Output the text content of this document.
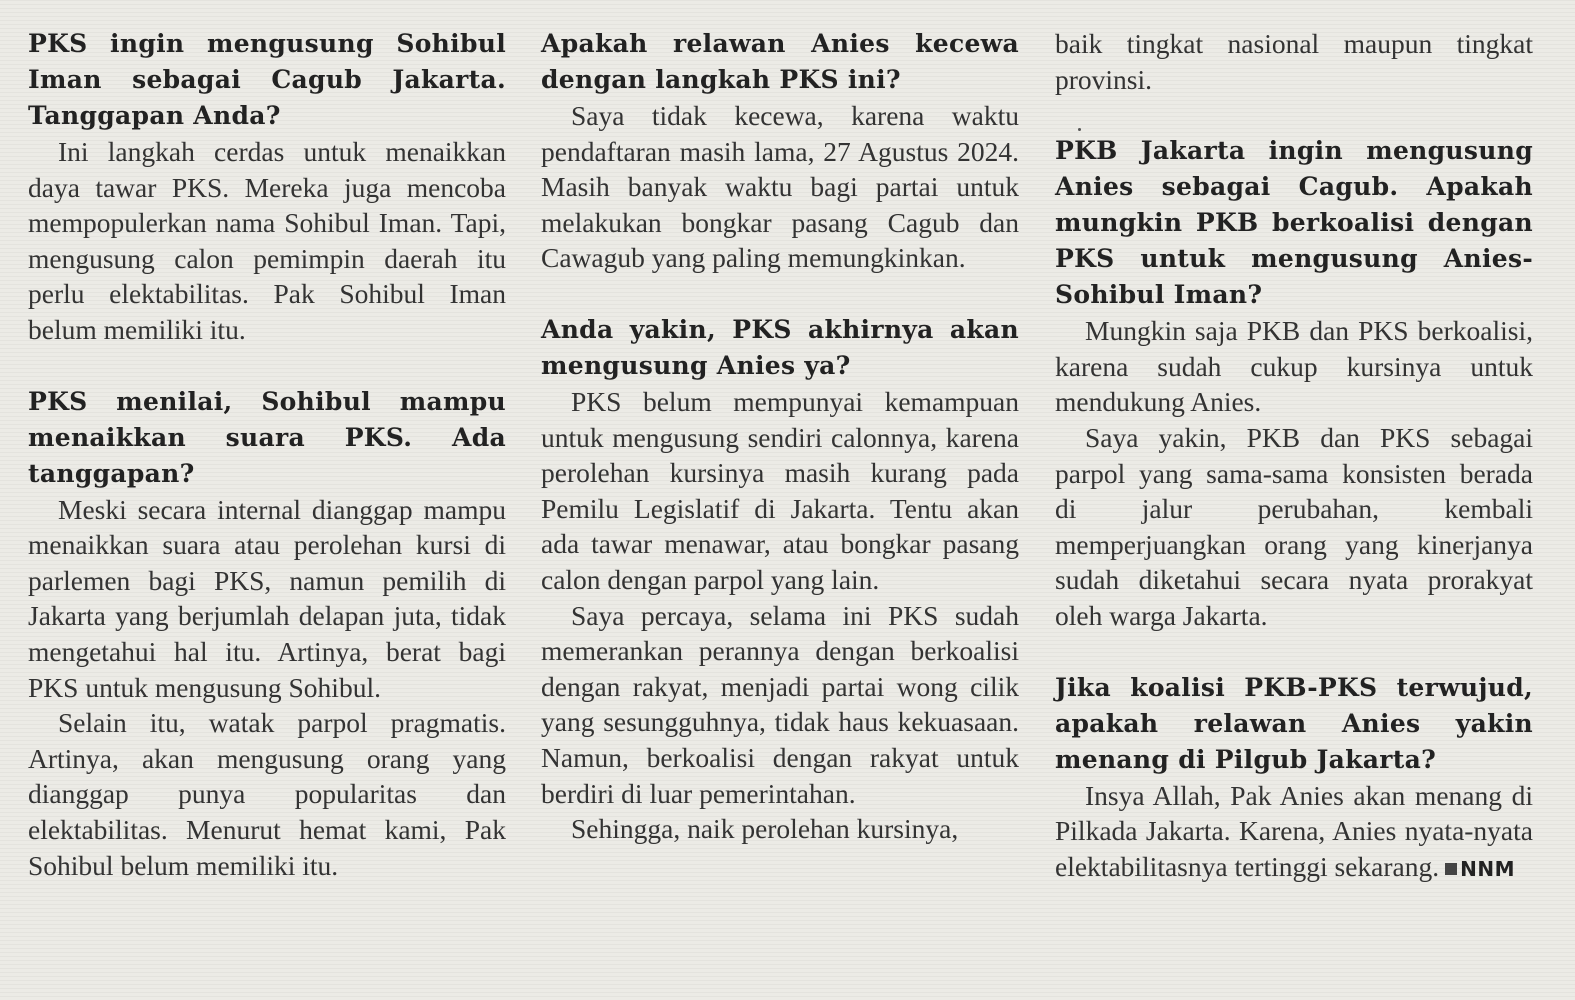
PKS ingin mengusung Sohibul Iman sebagai Cagub Jakarta. Tanggapan Anda?
Ini langkah cerdas untuk menaikkan daya tawar PKS. Mereka juga mencoba mempopulerkan nama Sohibul Iman. Tapi, mengusung calon pemimpin daerah itu perlu elektabilitas. Pak Sohibul Iman belum memiliki itu.
PKS menilai, Sohibul mampu menaikkan suara PKS. Ada tanggapan?
Meski secara internal dianggap mampu menaikkan suara atau perolehan kursi di parlemen bagi PKS, namun pemilih di Jakarta yang berjumlah delapan juta, tidak mengetahui hal itu. Artinya, berat bagi PKS untuk mengusung Sohibul.
Selain itu, watak parpol pragmatis. Artinya, akan mengusung orang yang dianggap punya popularitas dan elektabilitas. Menurut hemat kami, Pak Sohibul belum memiliki itu.
Apakah relawan Anies kecewa dengan langkah PKS ini?
Saya tidak kecewa, karena waktu pendaftaran masih lama, 27 Agustus 2024. Masih banyak waktu bagi partai untuk melakukan bongkar pasang Cagub dan Cawagub yang paling memungkinkan.
Anda yakin, PKS akhirnya akan mengusung Anies ya?
PKS belum mempunyai kemampuan untuk mengusung sendiri calonnya, karena perolehan kursinya masih kurang pada Pemilu Legislatif di Jakarta. Tentu akan ada tawar menawar, atau bongkar pasang calon dengan parpol yang lain.
Saya percaya, selama ini PKS sudah memerankan perannya dengan berkoalisi dengan rakyat, menjadi partai wong cilik yang sesungguhnya, tidak haus kekuasaan. Namun, berkoalisi dengan rakyat untuk berdiri di luar pemerintahan.
Sehingga, naik perolehan kursinya,
baik tingkat nasional maupun tingkat provinsi.
PKB Jakarta ingin mengusung Anies sebagai Cagub. Apakah mungkin PKB berkoalisi dengan PKS untuk mengusung Anies-Sohibul Iman?
Mungkin saja PKB dan PKS berkoalisi, karena sudah cukup kursinya untuk mendukung Anies.
Saya yakin, PKB dan PKS sebagai parpol yang sama-sama konsisten berada di jalur perubahan, kembali memperjuangkan orang yang kinerjanya sudah diketahui secara nyata prorakyat oleh warga Jakarta.
Jika koalisi PKB-PKS terwujud, apakah relawan Anies yakin menang di Pilgub Jakarta?
Insya Allah, Pak Anies akan menang di Pilkada Jakarta. Karena, Anies nyata-nyata elektabilitasnya tertinggi sekarang. NNM
